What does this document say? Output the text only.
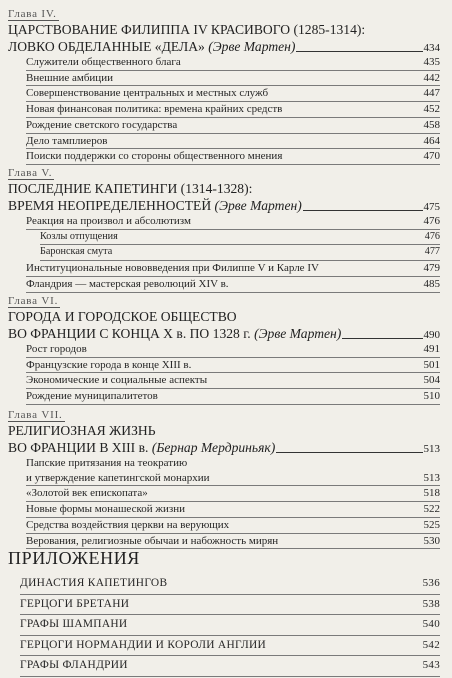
Глава IV.
ЦАРСТВОВАНИЕ ФИЛИППА IV КРАСИВОГО (1285-1314):
ЛОВКО ОБДЕЛАННЫЕ «ДЕЛА» (Эрве Мартен)	434
Служители общественного блага	435
Внешние амбиции	442
Совершенствование центральных и местных служб	447
Новая финансовая политика: времена крайних средств	452
Рождение светского государства	458
Дело тамплиеров	464
Поиски поддержки со стороны общественного мнения	470
Глава V.
ПОСЛЕДНИЕ КАПЕТИНГИ (1314-1328):
ВРЕМЯ НЕОПРЕДЕЛЕННОСТЕЙ (Эрве Мартен)	475
Реакция на произвол и абсолютизм	476
Козлы отпущения	476
Баронская смута	477
Институциональные нововведения при Филиппе V и Карле IV	479
Фландрия — мастерская революций XIV в.	485
Глава VI.
ГОРОДА И ГОРОДСКОЕ ОБЩЕСТВО
ВО ФРАНЦИИ С КОНЦА X в. ПО 1328 г. (Эрве Мартен)	490
Рост городов	491
Французские города в конце XIII в.	501
Экономические и социальные аспекты	504
Рождение муниципалитетов	510
Глава VII.
РЕЛИГИОЗНАЯ ЖИЗНЬ
ВО ФРАНЦИИ В XIII в. (Бернар Мердриньяк)	513
Папские притязания на теократию
и утверждение капетингской монархии	513
«Золотой век епископата»	518
Новые формы монашеской жизни	522
Средства воздействия церкви на верующих	525
Верования, религиозные обычаи и набожность мирян	530
ПРИЛОЖЕНИЯ
ДИНАСТИЯ КАПЕТИНГОВ	536
ГЕРЦОГИ БРЕТАНИ	538
ГРАФЫ ШАМПАНИ	540
ГЕРЦОГИ НОРМАНДИИ И КОРОЛИ АНГЛИИ	542
ГРАФЫ ФЛАНДРИИ	543
